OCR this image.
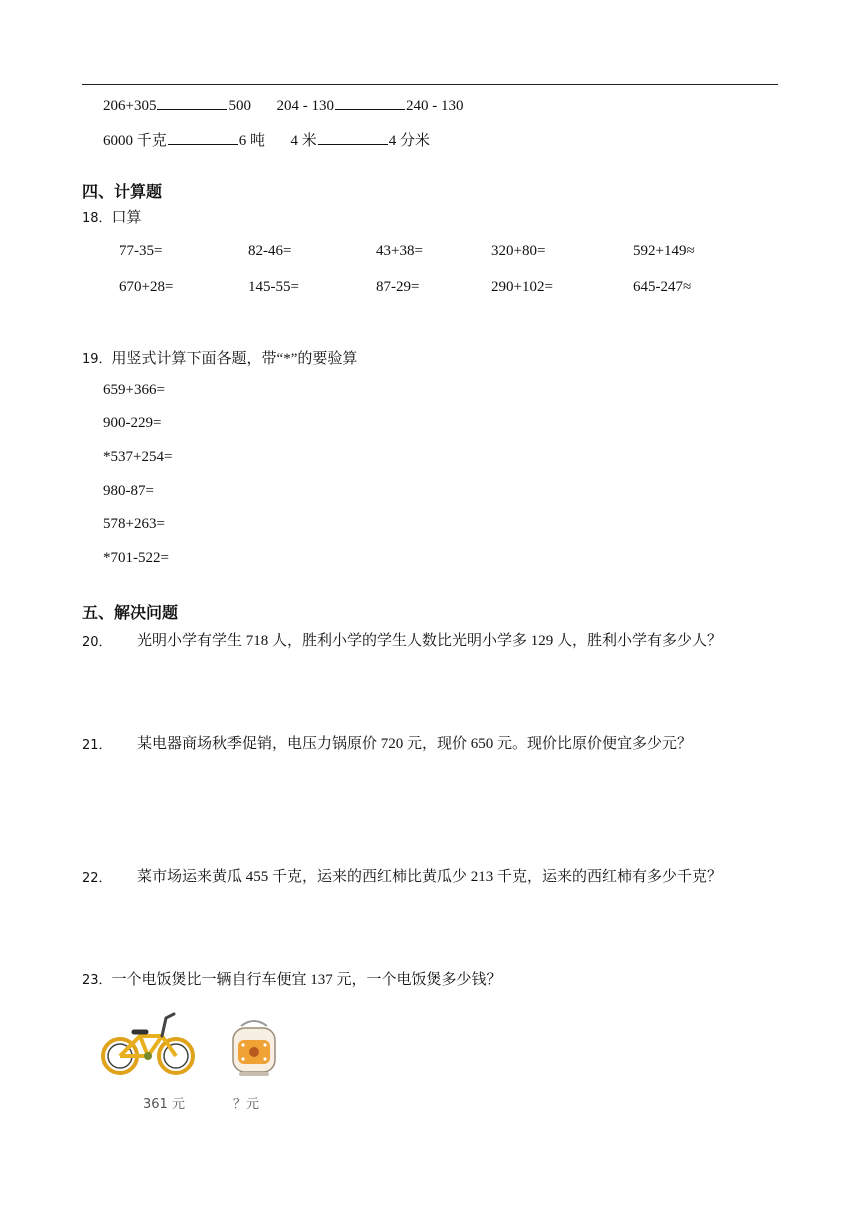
206+305	500 204 - 130	240 - 130
6000 千克	6 吨 4 米	4 分米
四、计算题
18．口算
77-35=	82-46=	43+38=	320+80=	592+149≈
670+28=	145-55=	87-29=	290+102=	645-247≈
19．用竖式计算下面各题，带“*”的要验算
659+366=
900-229=
*537+254=
980-87=
578+263=
*701-522=
五、解决问题
20． 光明小学有学生 718 人，胜利小学的学生人数比光明小学多 129 人，胜利小学有多少人？
21． 某电器商场秋季促销，电压力锅原价 720 元，现价 650 元。现价比原价便宜多少元？
22． 菜市场运来黄瓜 455 千克，运来的西红柿比黄瓜少 213 千克，运来的西红柿有多少千克？
23．一个电饭煲比一辆自行车便宜 137 元，一个电饭煲多少钱？
361 元	？元
